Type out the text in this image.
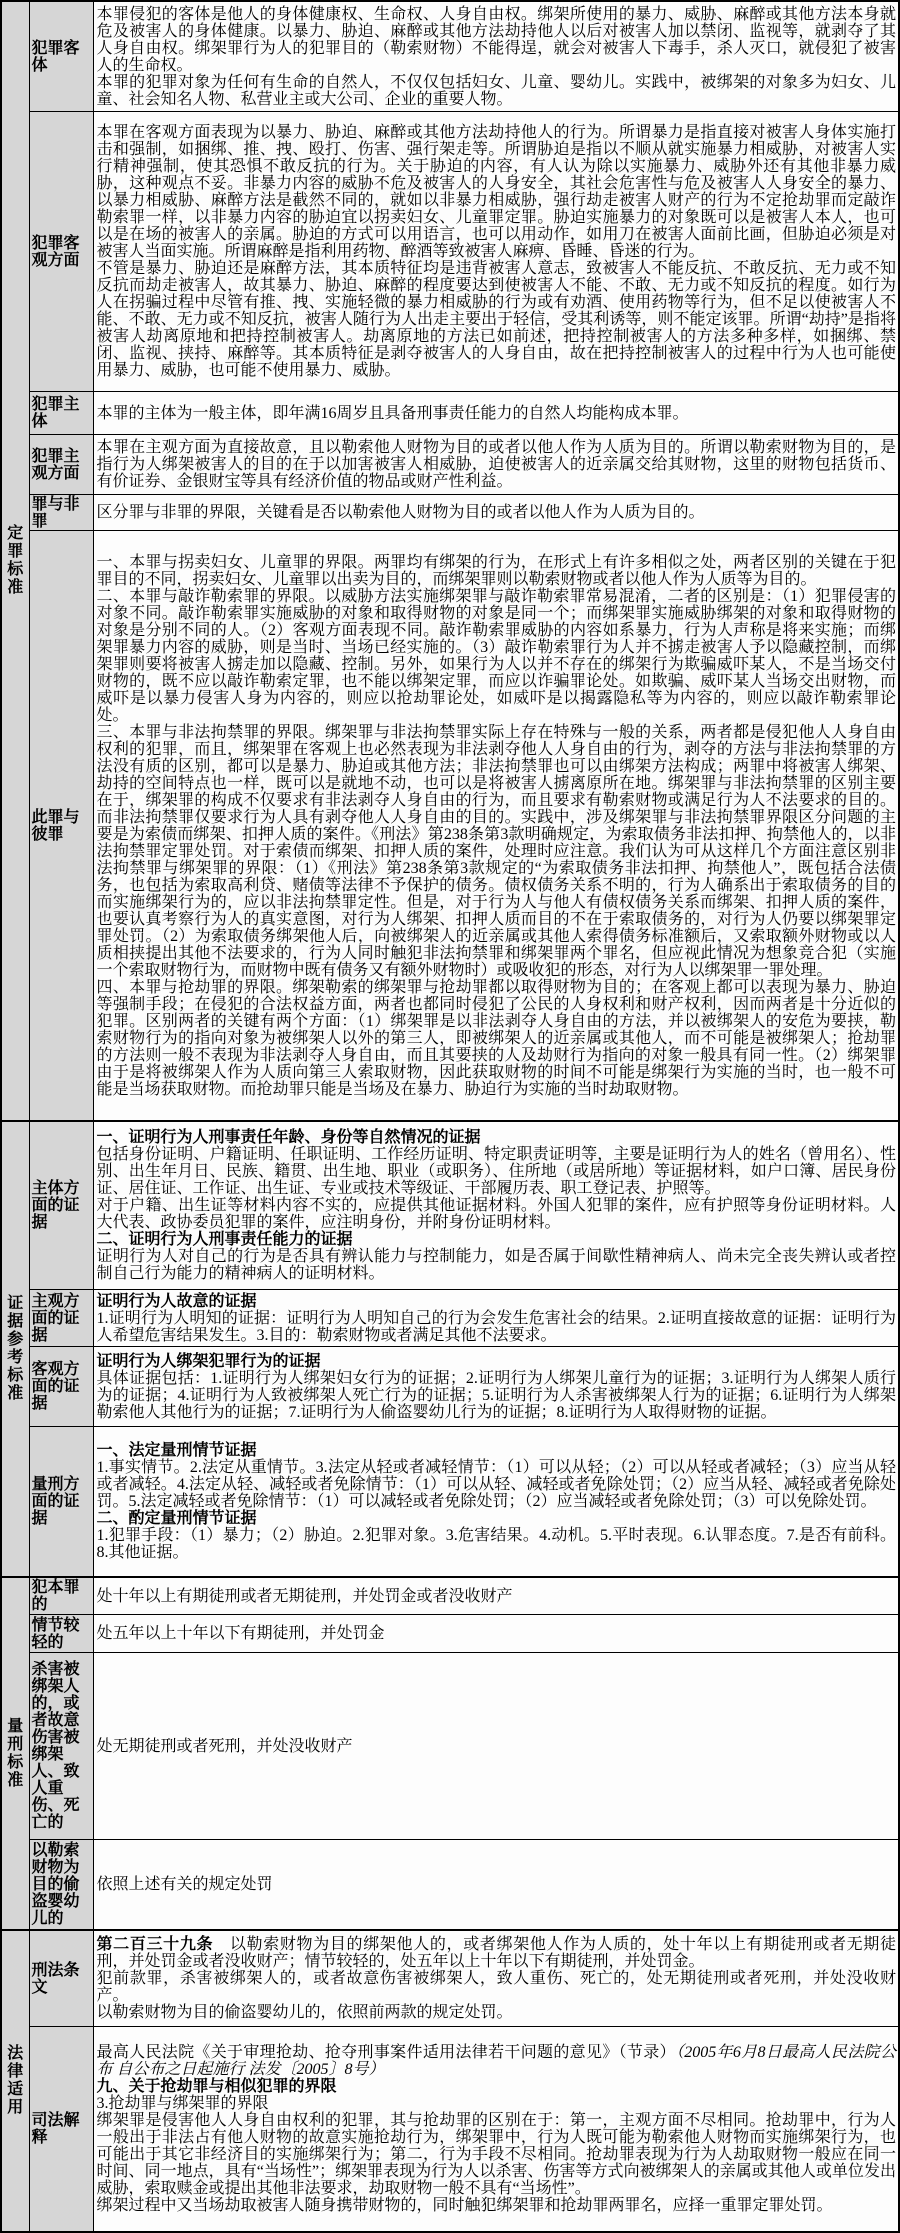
定罪标准	犯罪客体	本罪侵犯的客体是他人的身体健康权、生命权、人身自由权。绑架所使用的暴力、威胁、麻醉或其他方法本身就危及被害人的身体健康。以暴力、胁迫、麻醉或其他方法劫持他人以后对被害人加以禁闭、监视等，就剥夺了其人身自由权。绑架罪行为人的犯罪目的（勒索财物）不能得逞，就会对被害人下毒手，杀人灭口，就侵犯了被害人的生命权。
本罪的犯罪对象为任何有生命的自然人，不仅仅包括妇女、儿童、婴幼儿。实践中，被绑架的对象多为妇女、儿童、社会知名人物、私营业主或大公司、企业的重要人物。

	犯罪客观方面	本罪在客观方面表现为以暴力、胁迫、麻醉或其他方法劫持他人的行为。所谓暴力是指直接对被害人身体实施打击和强制，如捆绑、推、拽、殴打、伤害、强行架走等。所谓胁迫是指以不顺从就实施暴力相威胁，对被害人实行精神强制，使其恐惧不敢反抗的行为。关于胁迫的内容，有人认为除以实施暴力、威胁外还有其他非暴力威胁，这种观点不妥。非暴力内容的威胁不危及被害人的人身安全，其社会危害性与危及被害人人身安全的暴力、以暴力相威胁、麻醉方法是截然不同的，就如以非暴力相威胁，强行劫走被害人财产的行为不定抢劫罪而定敲诈勒索罪一样，以非暴力内容的胁迫宜以拐卖妇女、儿童罪定罪。胁迫实施暴力的对象既可以是被害人本人，也可以是在场的被害人的亲属。胁迫的方式可以用语言，也可以用动作，如用刀在被害人面前比画，但胁迫必须是对被害人当面实施。所谓麻醉是指利用药物、醉酒等致被害人麻痹、昏睡、昏迷的行为。
不管是暴力、胁迫还是麻醉方法，其本质特征均是违背被害人意志，致被害人不能反抗、不敢反抗、无力或不知反抗而劫走被害人，故其暴力、胁迫、麻醉的程度要达到使被害人不能、不敢、无力或不知反抗的程度。如行为人在拐骗过程中尽管有推、拽、实施轻微的暴力相威胁的行为或有劝酒、使用药物等行为，但不足以使被害人不能、不敢、无力或不知反抗，被害人随行为人出走主要出于轻信，受其利诱等，则不能定该罪。所谓“劫持”是指将被害人劫离原地和把持控制被害人。劫离原地的方法已如前述，把持控制被害人的方法多种多样，如捆绑、禁闭、监视、挟持、麻醉等。其本质特征是剥夺被害人的人身自由，故在把持控制被害人的过程中行为人也可能使用暴力、威胁，也可能不使用暴力、威胁。

	犯罪主体	本罪的主体为一般主体，即年满16周岁且具备刑事责任能力的自然人均能构成本罪。

	犯罪主观方面	本罪在主观方面为直接故意，且以勒索他人财物为目的或者以他人作为人质为目的。所谓以勒索财物为目的，是指行为人绑架被害人的目的在于以加害被害人相威胁，迫使被害人的近亲属交给其财物，这里的财物包括货币、有价证券、金银财宝等具有经济价值的物品或财产性利益。

	罪与非罪	区分罪与非罪的界限，关键看是否以勒索他人财物为目的或者以他人作为人质为目的。

	此罪与彼罪	一、本罪与拐卖妇女、儿童罪的界限。两罪均有绑架的行为，在形式上有许多相似之处，两者区别的关键在于犯罪目的不同，拐卖妇女、儿童罪以出卖为目的，而绑架罪则以勒索财物或者以他人作为人质等为目的。
二、本罪与敲诈勒索罪的界限。以威胁方法实施绑架罪与敲诈勒索罪常易混淆，二者的区别是：（1）犯罪侵害的对象不同。敲诈勒索罪实施威胁的对象和取得财物的对象是同一个；而绑架罪实施威胁绑架的对象和取得财物的对象是分别不同的人。（2）客观方面表现不同。敲诈勒索罪威胁的内容如系暴力，行为人声称是将来实施；而绑架罪暴力内容的威胁，则是当时、当场已经实施的。（3）敲诈勒索罪行为人并不掳走被害人予以隐藏控制，而绑架罪则要将被害人掳走加以隐藏、控制。另外，如果行为人以并不存在的绑架行为欺骗威吓某人，不是当场交付财物的，既不应以敲诈勒索定罪，也不能以绑架定罪，而应以诈骗罪论处。如欺骗、威吓某人当场交出财物，而威吓是以暴力侵害人身为内容的，则应以抢劫罪论处，如威吓是以揭露隐私等为内容的，则应以敲诈勒索罪论处。
三、本罪与非法拘禁罪的界限。绑架罪与非法拘禁罪实际上存在特殊与一般的关系，两者都是侵犯他人人身自由权利的犯罪，而且，绑架罪在客观上也必然表现为非法剥夺他人人身自由的行为，剥夺的方法与非法拘禁罪的方法没有质的区别，都可以是暴力、胁迫或其他方法；非法拘禁罪也可以由绑架方法构成；两罪中将被害人绑架、劫持的空间特点也一样，既可以是就地不动，也可以是将被害人掳离原所在地。绑架罪与非法拘禁罪的区别主要在于，绑架罪的构成不仅要求有非法剥夺人身自由的行为，而且要求有勒索财物或满足行为人不法要求的目的。而非法拘禁罪仅要求行为人具有剥夺他人人身自由的目的。实践中，涉及绑架罪与非法拘禁罪界限区分问题的主要是为索债而绑架、扣押人质的案件。《刑法》第238条第3款明确规定，为索取债务非法扣押、拘禁他人的，以非法拘禁罪定罪处罚。对于索债而绑架、扣押人质的案件，处理时应注意。我们认为可从这样几个方面注意区别非法拘禁罪与绑架罪的界限：（1）《刑法》第238条第3款规定的“为索取债务非法扣押、拘禁他人”，既包括合法债务，也包括为索取高利贷、赌债等法律不予保护的债务。债权债务关系不明的，行为人确系出于索取债务的目的而实施绑架行为的，应以非法拘禁罪定性。但是，对于行为人与他人有债权债务关系而绑架、扣押人质的案件，也要认真考察行为人的真实意图，对行为人绑架、扣押人质而目的不在于索取债务的，对行为人仍要以绑架罪定罪处罚。（2）为索取债务绑架他人后，向被绑架人的近亲属或其他人索得债务标准额后，又索取额外财物或以人质相挟提出其他不法要求的，行为人同时触犯非法拘禁罪和绑架罪两个罪名，但应视此情况为想象竞合犯（实施一个索取财物行为，而财物中既有债务又有额外财物时）或吸收犯的形态，对行为人以绑架罪一罪处理。
四、本罪与抢劫罪的界限。绑架勒索的绑架罪与抢劫罪都以取得财物为目的；在客观上都可以表现为暴力、胁迫等强制手段；在侵犯的合法权益方面，两者也都同时侵犯了公民的人身权利和财产权利，因而两者是十分近似的犯罪。区别两者的关键有两个方面：（1）绑架罪是以非法剥夺人身自由的方法，并以被绑架人的安危为要挟，勒索财物行为的指向对象为被绑架人以外的第三人，即被绑架人的近亲属或其他人，而不可能是被绑架人；抢劫罪的方法则一般不表现为非法剥夺人身自由，而且其要挟的人及劫财行为指向的对象一般具有同一性。（2）绑架罪由于是将被绑架人作为人质向第三人索取财物，因此获取财物的时间不可能是绑架行为实施的当时，也一般不可能是当场获取财物。而抢劫罪只能是当场及在暴力、胁迫行为实施的当时劫取财物。

证据参考标准	主体方面的证据	一、证明行为人刑事责任年龄、身份等自然情况的证据
包括身份证明、户籍证明、任职证明、工作经历证明、特定职责证明等，主要是证明行为人的姓名（曾用名）、性别、出生年月日、民族、籍贯、出生地、职业（或职务）、住所地（或居所地）等证据材料，如户口簿、居民身份证、居住证、工作证、出生证、专业或技术等级证、干部履历表、职工登记表、护照等。
对于户籍、出生证等材料内容不实的，应提供其他证据材料。外国人犯罪的案件，应有护照等身份证明材料。人大代表、政协委员犯罪的案件，应注明身份，并附身份证明材料。
二、证明行为人刑事责任能力的证据
证明行为人对自己的行为是否具有辨认能力与控制能力，如是否属于间歇性精神病人、尚未完全丧失辨认或者控制自己行为能力的精神病人的证明材料。

	主观方面的证据	证明行为人故意的证据
1.证明行为人明知的证据：证明行为人明知自己的行为会发生危害社会的结果。2.证明直接故意的证据：证明行为人希望危害结果发生。3.目的：勒索财物或者满足其他不法要求。

	客观方面的证据	证明行为人绑架犯罪行为的证据
具体证据包括：1.证明行为人绑架妇女行为的证据；2.证明行为人绑架儿童行为的证据；3.证明行为人绑架人质行为的证据；4.证明行为人致被绑架人死亡行为的证据；5.证明行为人杀害被绑架人行为的证据；6.证明行为人绑架勒索他人其他行为的证据；7.证明行为人偷盗婴幼儿行为的证据；8.证明行为人取得财物的证据。

	量刑方面的证据	一、法定量刑情节证据
1.事实情节。2.法定从重情节。3.法定从轻或者减轻情节：（1）可以从轻；（2）可以从轻或者减轻；（3）应当从轻或者减轻。4.法定从轻、减轻或者免除情节：（1）可以从轻、减轻或者免除处罚；（2）应当从轻、减轻或者免除处罚。5.法定减轻或者免除情节：（1）可以减轻或者免除处罚；（2）应当减轻或者免除处罚；（3）可以免除处罚。
二、酌定量刑情节证据
1.犯罪手段：（1）暴力；（2）胁迫。2.犯罪对象。3.危害结果。4.动机。5.平时表现。6.认罪态度。7.是否有前科。8.其他证据。

量刑标准	犯本罪的	处十年以上有期徒刑或者无期徒刑，并处罚金或者没收财产

	情节较轻的	处五年以上十年以下有期徒刑，并处罚金

	杀害被绑架人的，或者故意伤害被绑架人、致人重伤、死亡的	处无期徒刑或者死刑，并处没收财产

	以勒索财物为目的偷盗婴幼儿的	依照上述有关的规定处罚

法律适用	刑法条文	第二百三十九条　以勒索财物为目的绑架他人的，或者绑架他人作为人质的，处十年以上有期徒刑或者无期徒刑，并处罚金或者没收财产；情节较轻的，处五年以上十年以下有期徒刑，并处罚金。
犯前款罪，杀害被绑架人的，或者故意伤害被绑架人，致人重伤、死亡的，处无期徒刑或者死刑，并处没收财产。
以勒索财物为目的偷盗婴幼儿的，依照前两款的规定处罚。

	司法解释	最高人民法院《关于审理抢劫、抢夺刑事案件适用法律若干问题的意见》（节录）（2005年6月8日最高人民法院公布 自公布之日起施行 法发〔2005〕8号）
九、关于抢劫罪与相似犯罪的界限
3.抢劫罪与绑架罪的界限
绑架罪是侵害他人人身自由权利的犯罪，其与抢劫罪的区别在于：第一，主观方面不尽相同。抢劫罪中，行为人一般出于非法占有他人财物的故意实施抢劫行为，绑架罪中，行为人既可能为勒索他人财物而实施绑架行为，也可能出于其它非经济目的实施绑架行为；第二，行为手段不尽相同。抢劫罪表现为行为人劫取财物一般应在同一时间、同一地点，具有“当场性”；绑架罪表现为行为人以杀害、伤害等方式向被绑架人的亲属或其他人或单位发出威胁，索取赎金或提出其他非法要求，劫取财物一般不具有“当场性”。
绑架过程中又当场劫取被害人随身携带财物的，同时触犯绑架罪和抢劫罪两罪名，应择一重罪定罪处罚。
